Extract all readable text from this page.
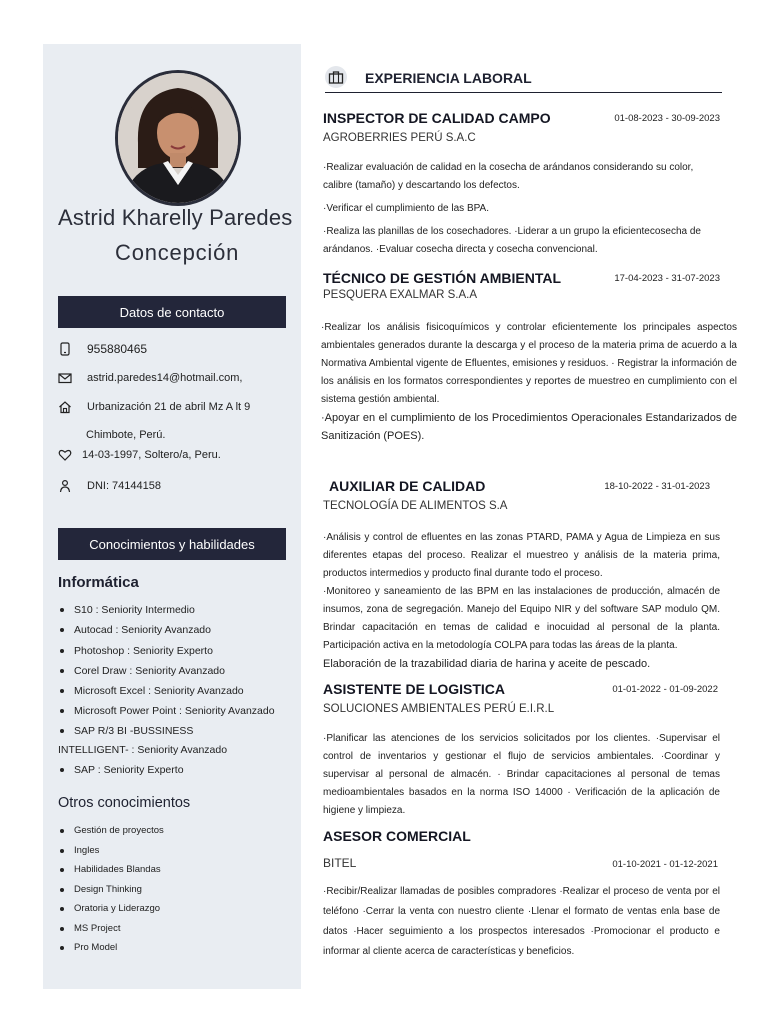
Astrid Kharelly Paredes
Concepción
Datos de contacto
955880465
astrid.paredes14@hotmail.com,
Urbanización 21 de abril Mz A lt 9
Chimbote, Perú.
14-03-1997, Soltero/a, Peru.
DNI: 74144158
Conocimientos y habilidades
Informática
S10 : Seniority Intermedio
Autocad : Seniority Avanzado
Photoshop : Seniority Experto
Corel Draw : Seniority Avanzado
Microsoft Excel : Seniority Avanzado
Microsoft Power Point : Seniority Avanzado
SAP R/3 BI -BUSSINESS INTELLIGENT- : Seniority Avanzado
SAP : Seniority Experto
Otros conocimientos
Gestión de proyectos
Ingles
Habilidades Blandas
Design Thinking
Oratoria y Liderazgo
MS Project
Pro Model
EXPERIENCIA LABORAL
INSPECTOR DE CALIDAD CAMPO	01-08-2023 - 30-09-2023
AGROBERRIES PERÚ S.A.C

·Realizar evaluación de calidad en la cosecha de arándanos considerando su color, calibre (tamaño) y descartando los defectos.

·Verificar el cumplimiento de las BPA.

·Realiza las planillas de los cosechadores. ·Liderar a un grupo la eficientecosecha de arándanos. ·Evaluar cosecha directa y cosecha convencional.

TÉCNICO DE GESTIÓN AMBIENTAL	17-04-2023 - 31-07-2023
PESQUERA EXALMAR S.A.A

·Realizar los análisis fisicoquímicos y controlar eficientemente los principales aspectos ambientales generados durante la descarga y el proceso de la materia prima de acuerdo a la Normativa Ambiental vigente de Efluentes, emisiones y residuos. · Registrar la información de los análisis en los formatos correspondientes y reportes de muestreo en cumplimiento con el sistema gestión ambiental.

·Apoyar en el cumplimiento de los Procedimientos Operacionales Estandarizados de Sanitización (POES).

AUXILIAR DE CALIDAD	18-10-2022 - 31-01-2023
TECNOLOGÍA DE ALIMENTOS S.A

·Análisis y control de efluentes en las zonas PTARD, PAMA y Agua de Limpieza en sus diferentes etapas del proceso. Realizar el muestreo y análisis de la materia prima, productos intermedios y producto final durante todo el proceso.

·Monitoreo y saneamiento de las BPM en las instalaciones de producción, almacén de insumos, zona de segregación. Manejo del Equipo NIR y del software SAP modulo QM. Brindar capacitación en temas de calidad e inocuidad al personal de la planta. Participación activa en la metodología COLPA para todas las áreas de la planta.

Elaboración de la trazabilidad diaria de harina y aceite de pescado.

ASISTENTE DE LOGISTICA	01-01-2022 - 01-09-2022
SOLUCIONES AMBIENTALES PERÚ E.I.R.L

·Planificar las atenciones de los servicios solicitados por los clientes. ·Supervisar el control de inventarios y gestionar el flujo de servicios ambientales. ·Coordinar y supervisar al personal de almacén. · Brindar capacitaciones al personal de temas medioambientales basados en la norma ISO 14000 · Verificación de la aplicación de higiene y limpieza.

ASESOR COMERCIAL
BITEL	01-10-2021 - 01-12-2021

·Recibir/Realizar llamadas de posibles compradores ·Realizar el proceso de venta por el teléfono ·Cerrar la venta con nuestro cliente ·Llenar el formato de ventas enla base de datos ·Hacer seguimiento a los prospectos interesados ·Promocionar el producto e informar al cliente acerca de características y beneficios.
